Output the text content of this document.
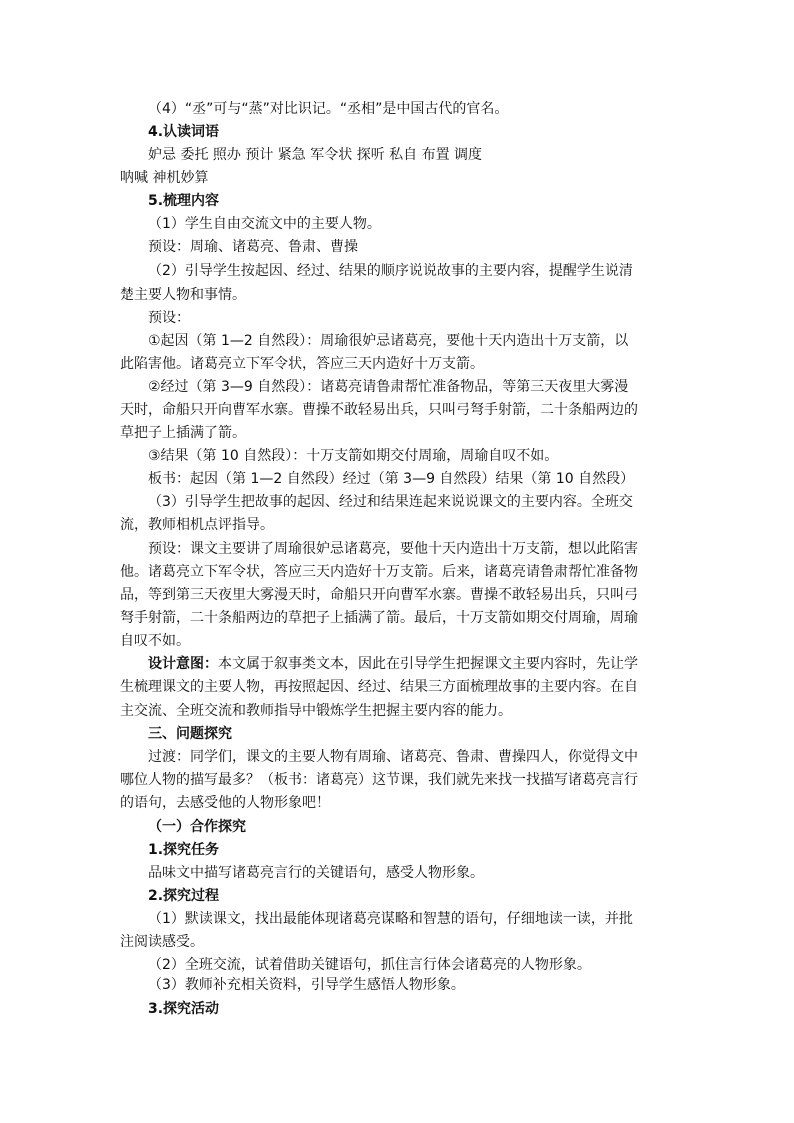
（4）“丞”可与“蒸”对比识记。“丞相”是中国古代的官名。
4.认读词语
妒忌 委托 照办 预计 紧急 军令状 探听 私自 布置 调度
呐喊 神机妙算
5.梳理内容
（1）学生自由交流文中的主要人物。
预设：周瑜、诸葛亮、鲁肃、曹操
（2）引导学生按起因、经过、结果的顺序说说故事的主要内容，提醒学生说清
楚主要人物和事情。
预设：
①起因（第 1—2 自然段）：周瑜很妒忌诸葛亮，要他十天内造出十万支箭，以
此陷害他。诸葛亮立下军令状，答应三天内造好十万支箭。
②经过（第 3—9 自然段）：诸葛亮请鲁肃帮忙准备物品，等第三天夜里大雾漫
天时，命船只开向曹军水寨。曹操不敢轻易出兵，只叫弓弩手射箭，二十条船两边的
草把子上插满了箭。
③结果（第 10 自然段）：十万支箭如期交付周瑜，周瑜自叹不如。
板书：起因（第 1—2 自然段）经过（第 3—9 自然段）结果（第 10 自然段）
（3）引导学生把故事的起因、经过和结果连起来说说课文的主要内容。全班交
流，教师相机点评指导。
预设：课文主要讲了周瑜很妒忌诸葛亮，要他十天内造出十万支箭，想以此陷害
他。诸葛亮立下军令状，答应三天内造好十万支箭。后来，诸葛亮请鲁肃帮忙准备物
品，等到第三天夜里大雾漫天时，命船只开向曹军水寨。曹操不敢轻易出兵，只叫弓
弩手射箭，二十条船两边的草把子上插满了箭。最后，十万支箭如期交付周瑜，周瑜
自叹不如。
设计意图：本文属于叙事类文本，因此在引导学生把握课文主要内容时，先让学
生梳理课文的主要人物，再按照起因、经过、结果三方面梳理故事的主要内容。在自
主交流、全班交流和教师指导中锻炼学生把握主要内容的能力。
三、问题探究
过渡：同学们，课文的主要人物有周瑜、诸葛亮、鲁肃、曹操四人，你觉得文中
哪位人物的描写最多？（板书：诸葛亮）这节课，我们就先来找一找描写诸葛亮言行
的语句，去感受他的人物形象吧！
（一）合作探究
1.探究任务
品味文中描写诸葛亮言行的关键语句，感受人物形象。
2.探究过程
（1）默读课文，找出最能体现诸葛亮谋略和智慧的语句，仔细地读一读，并批
注阅读感受。
（2）全班交流，试着借助关键语句，抓住言行体会诸葛亮的人物形象。
（3）教师补充相关资料，引导学生感悟人物形象。
3.探究活动
